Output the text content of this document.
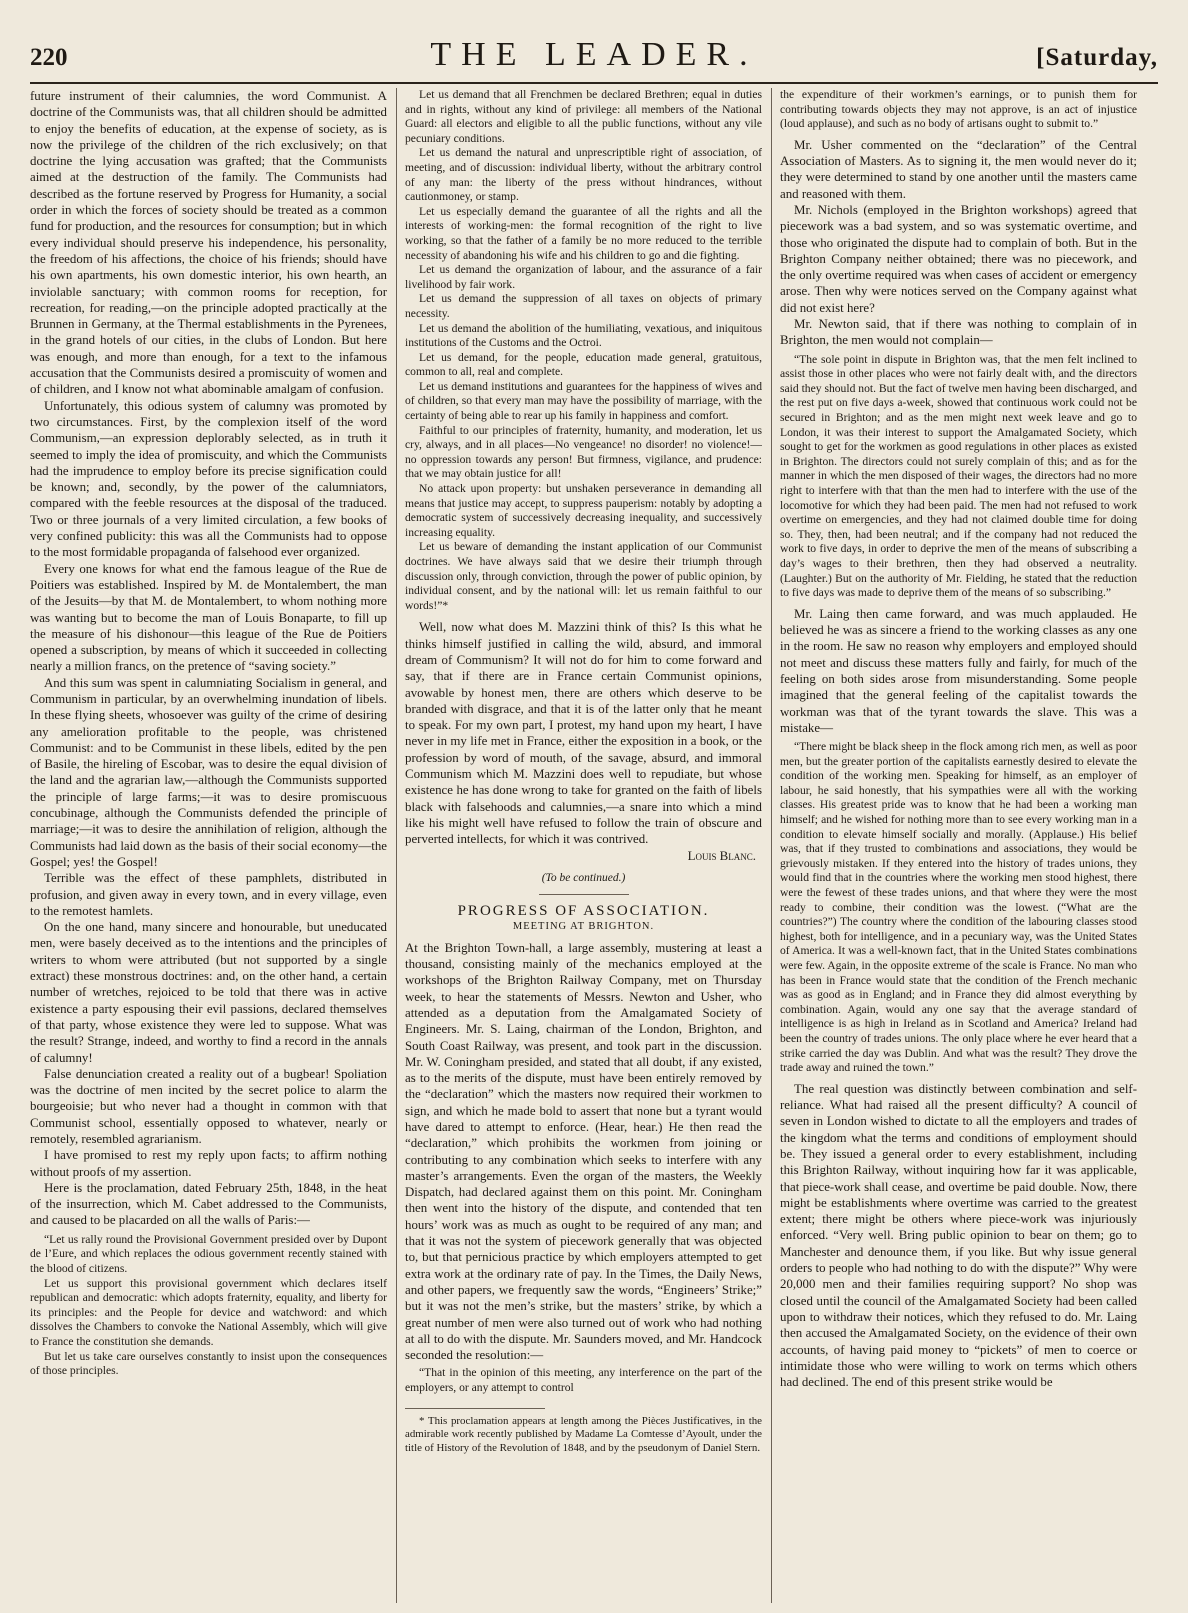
220	THE LEADER.	[Saturday,

future instrument of their calumnies, the word Communist. A doctrine of the Communists was, that all children should be admitted to enjoy the benefits of education, at the expense of society, as is now the privilege of the children of the rich exclusively; on that doctrine the lying accusation was grafted; that the Communists aimed at the destruction of the family. The Communists had described as the fortune reserved by Progress for Humanity, a social order in which the forces of society should be treated as a common fund for production, and the resources for consumption; but in which every individual should preserve his independence, his personality, the freedom of his affections, the choice of his friends; should have his own apartments, his own domestic interior, his own hearth, an inviolable sanctuary; with common rooms for reception, for recreation, for reading,—on the principle adopted practically at the Brunnen in Germany, at the Thermal establishments in the Pyrenees, in the grand hotels of our cities, in the clubs of London. But here was enough, and more than enough, for a text to the infamous accusation that the Communists desired a promiscuity of women and of children, and I know not what abominable amalgam of confusion.

Unfortunately, this odious system of calumny was promoted by two circumstances. First, by the complexion itself of the word Communism,—an expression deplorably selected, as in truth it seemed to imply the idea of promiscuity, and which the Communists had the imprudence to employ before its precise signification could be known; and, secondly, by the power of the calumniators, compared with the feeble resources at the disposal of the traduced. Two or three journals of a very limited circulation, a few books of very confined publicity: this was all the Communists had to oppose to the most formidable propaganda of falsehood ever organized.

Every one knows for what end the famous league of the Rue de Poitiers was established. Inspired by M. de Montalembert, the man of the Jesuits—by that M. de Montalembert, to whom nothing more was wanting but to become the man of Louis Bonaparte, to fill up the measure of his dishonour—this league of the Rue de Poitiers opened a subscription, by means of which it succeeded in collecting nearly a million francs, on the pretence of “saving society.”

And this sum was spent in calumniating Socialism in general, and Communism in particular, by an overwhelming inundation of libels. In these flying sheets, whosoever was guilty of the crime of desiring any amelioration profitable to the people, was christened Communist: and to be Communist in these libels, edited by the pen of Basile, the hireling of Escobar, was to desire the equal division of the land and the agrarian law,—although the Communists supported the principle of large farms;—it was to desire promiscuous concubinage, although the Communists defended the principle of marriage;—it was to desire the annihilation of religion, although the Communists had laid down as the basis of their social economy—the Gospel; yes! the Gospel!

Terrible was the effect of these pamphlets, distributed in profusion, and given away in every town, and in every village, even to the remotest hamlets.

On the one hand, many sincere and honourable, but uneducated men, were basely deceived as to the intentions and the principles of writers to whom were attributed (but not supported by a single extract) these monstrous doctrines: and, on the other hand, a certain number of wretches, rejoiced to be told that there was in active existence a party espousing their evil passions, declared themselves of that party, whose existence they were led to suppose. What was the result? Strange, indeed, and worthy to find a record in the annals of calumny!

False denunciation created a reality out of a bugbear! Spoliation was the doctrine of men incited by the secret police to alarm the bourgeoisie; but who never had a thought in common with that Communist school, essentially opposed to whatever, nearly or remotely, resembled agrarianism.

I have promised to rest my reply upon facts; to affirm nothing without proofs of my assertion.

Here is the proclamation, dated February 25th, 1848, in the heat of the insurrection, which M. Cabet addressed to the Communists, and caused to be placarded on all the walls of Paris:—

“Let us rally round the Provisional Government presided over by Dupont de l’Eure, and which replaces the odious government recently stained with the blood of citizens.

Let us support this provisional government which declares itself republican and democratic: which adopts fraternity, equality, and liberty for its principles: and the People for device and watchword: and which dissolves the Chambers to convoke the National Assembly, which will give to France the constitution she demands.

But let us take care ourselves constantly to insist upon the consequences of those principles.

Let us demand that all Frenchmen be declared Brethren; equal in duties and in rights, without any kind of privilege: all members of the National Guard: all electors and eligible to all the public functions, without any vile pecuniary conditions.

Let us demand the natural and unprescriptible right of association, of meeting, and of discussion: individual liberty, without the arbitrary control of any man: the liberty of the press without hindrances, without cautionmoney, or stamp.

Let us especially demand the guarantee of all the rights and all the interests of working-men: the formal recognition of the right to live working, so that the father of a family be no more reduced to the terrible necessity of abandoning his wife and his children to go and die fighting.

Let us demand the organization of labour, and the assurance of a fair livelihood by fair work.

Let us demand the suppression of all taxes on objects of primary necessity.

Let us demand the abolition of the humiliating, vexatious, and iniquitous institutions of the Customs and the Octroi.

Let us demand, for the people, education made general, gratuitous, common to all, real and complete.

Let us demand institutions and guarantees for the happiness of wives and of children, so that every man may have the possibility of marriage, with the certainty of being able to rear up his family in happiness and comfort.

Faithful to our principles of fraternity, humanity, and moderation, let us cry, always, and in all places—No vengeance! no disorder! no violence!—no oppression towards any person! But firmness, vigilance, and prudence: that we may obtain justice for all!

No attack upon property: but unshaken perseverance in demanding all means that justice may accept, to suppress pauperism: notably by adopting a democratic system of successively decreasing inequality, and successively increasing equality.

Let us beware of demanding the instant application of our Communist doctrines. We have always said that we desire their triumph through discussion only, through conviction, through the power of public opinion, by individual consent, and by the national will: let us remain faithful to our words!”*

Well, now what does M. Mazzini think of this? Is this what he thinks himself justified in calling the wild, absurd, and immoral dream of Communism? It will not do for him to come forward and say, that if there are in France certain Communist opinions, avowable by honest men, there are others which deserve to be branded with disgrace, and that it is of the latter only that he meant to speak. For my own part, I protest, my hand upon my heart, I have never in my life met in France, either the exposition in a book, or the profession by word of mouth, of the savage, absurd, and immoral Communism which M. Mazzini does well to repudiate, but whose existence he has done wrong to take for granted on the faith of libels black with falsehoods and calumnies,—a snare into which a mind like his might well have refused to follow the train of obscure and perverted intellects, for which it was contrived.

Louis Blanc.

(To be continued.)
PROGRESS OF ASSOCIATION.
MEETING AT BRIGHTON.

At the Brighton Town-hall, a large assembly, mustering at least a thousand, consisting mainly of the mechanics employed at the workshops of the Brighton Railway Company, met on Thursday week, to hear the statements of Messrs. Newton and Usher, who attended as a deputation from the Amalgamated Society of Engineers. Mr. S. Laing, chairman of the London, Brighton, and South Coast Railway, was present, and took part in the discussion. Mr. W. Coningham presided, and stated that all doubt, if any existed, as to the merits of the dispute, must have been entirely removed by the “declaration” which the masters now required their workmen to sign, and which he made bold to assert that none but a tyrant would have dared to attempt to enforce. (Hear, hear.) He then read the “declaration,” which prohibits the workmen from joining or contributing to any combination which seeks to interfere with any master’s arrangements. Even the organ of the masters, the Weekly Dispatch, had declared against them on this point. Mr. Coningham then went into the history of the dispute, and contended that ten hours’ work was as much as ought to be required of any man; and that it was not the system of piecework generally that was objected to, but that pernicious practice by which employers attempted to get extra work at the ordinary rate of pay. In the Times, the Daily News, and other papers, we frequently saw the words, “Engineers’ Strike;” but it was not the men’s strike, but the masters’ strike, by which a great number of men were also turned out of work who had nothing at all to do with the dispute. Mr. Saunders moved, and Mr. Handcock seconded the resolution:—

“That in the opinion of this meeting, any interference on the part of the employers, or any attempt to control

* This proclamation appears at length among the Pièces Justificatives, in the admirable work recently published by Madame La Comtesse d’Ayoult, under the title of History of the Revolution of 1848, and by the pseudonym of Daniel Stern.

the expenditure of their workmen’s earnings, or to punish them for contributing towards objects they may not approve, is an act of injustice (loud applause), and such as no body of artisans ought to submit to.”

Mr. Usher commented on the “declaration” of the Central Association of Masters. As to signing it, the men would never do it; they were determined to stand by one another until the masters came and reasoned with them.

Mr. Nichols (employed in the Brighton workshops) agreed that piecework was a bad system, and so was systematic overtime, and those who originated the dispute had to complain of both. But in the Brighton Company neither obtained; there was no piecework, and the only overtime required was when cases of accident or emergency arose. Then why were notices served on the Company against what did not exist here?

Mr. Newton said, that if there was nothing to complain of in Brighton, the men would not complain—

“The sole point in dispute in Brighton was, that the men felt inclined to assist those in other places who were not fairly dealt with, and the directors said they should not. But the fact of twelve men having been discharged, and the rest put on five days a-week, showed that continuous work could not be secured in Brighton; and as the men might next week leave and go to London, it was their interest to support the Amalgamated Society, which sought to get for the workmen as good regulations in other places as existed in Brighton. The directors could not surely complain of this; and as for the manner in which the men disposed of their wages, the directors had no more right to interfere with that than the men had to interfere with the use of the locomotive for which they had been paid. The men had not refused to work overtime on emergencies, and they had not claimed double time for doing so. They, then, had been neutral; and if the company had not reduced the work to five days, in order to deprive the men of the means of subscribing a day’s wages to their brethren, then they had observed a neutrality. (Laughter.) But on the authority of Mr. Fielding, he stated that the reduction to five days was made to deprive them of the means of so subscribing.”

Mr. Laing then came forward, and was much applauded. He believed he was as sincere a friend to the working classes as any one in the room. He saw no reason why employers and employed should not meet and discuss these matters fully and fairly, for much of the feeling on both sides arose from misunderstanding. Some people imagined that the general feeling of the capitalist towards the workman was that of the tyrant towards the slave. This was a mistake—

“There might be black sheep in the flock among rich men, as well as poor men, but the greater portion of the capitalists earnestly desired to elevate the condition of the working men. Speaking for himself, as an employer of labour, he said honestly, that his sympathies were all with the working classes. His greatest pride was to know that he had been a working man himself; and he wished for nothing more than to see every working man in a condition to elevate himself socially and morally. (Applause.) His belief was, that if they trusted to combinations and associations, they would be grievously mistaken. If they entered into the history of trades unions, they would find that in the countries where the working men stood highest, there were the fewest of these trades unions, and that where they were the most ready to combine, their condition was the lowest. (“What are the countries?”) The country where the condition of the labouring classes stood highest, both for intelligence, and in a pecuniary way, was the United States of America. It was a well-known fact, that in the United States combinations were few. Again, in the opposite extreme of the scale is France. No man who has been in France would state that the condition of the French mechanic was as good as in England; and in France they did almost everything by combination. Again, would any one say that the average standard of intelligence is as high in Ireland as in Scotland and America? Ireland had been the country of trades unions. The only place where he ever heard that a strike carried the day was Dublin. And what was the result? They drove the trade away and ruined the town.”

The real question was distinctly between combination and self-reliance. What had raised all the present difficulty? A council of seven in London wished to dictate to all the employers and trades of the kingdom what the terms and conditions of employment should be. They issued a general order to every establishment, including this Brighton Railway, without inquiring how far it was applicable, that piece-work shall cease, and overtime be paid double. Now, there might be establishments where overtime was carried to the greatest extent; there might be others where piece-work was injuriously enforced. “Very well. Bring public opinion to bear on them; go to Manchester and denounce them, if you like. But why issue general orders to people who had nothing to do with the dispute?” Why were 20,000 men and their families requiring support? No shop was closed until the council of the Amalgamated Society had been called upon to withdraw their notices, which they refused to do. Mr. Laing then accused the Amalgamated Society, on the evidence of their own accounts, of having paid money to “pickets” of men to coerce or intimidate those who were willing to work on terms which others had declined. The end of this present strike would be
